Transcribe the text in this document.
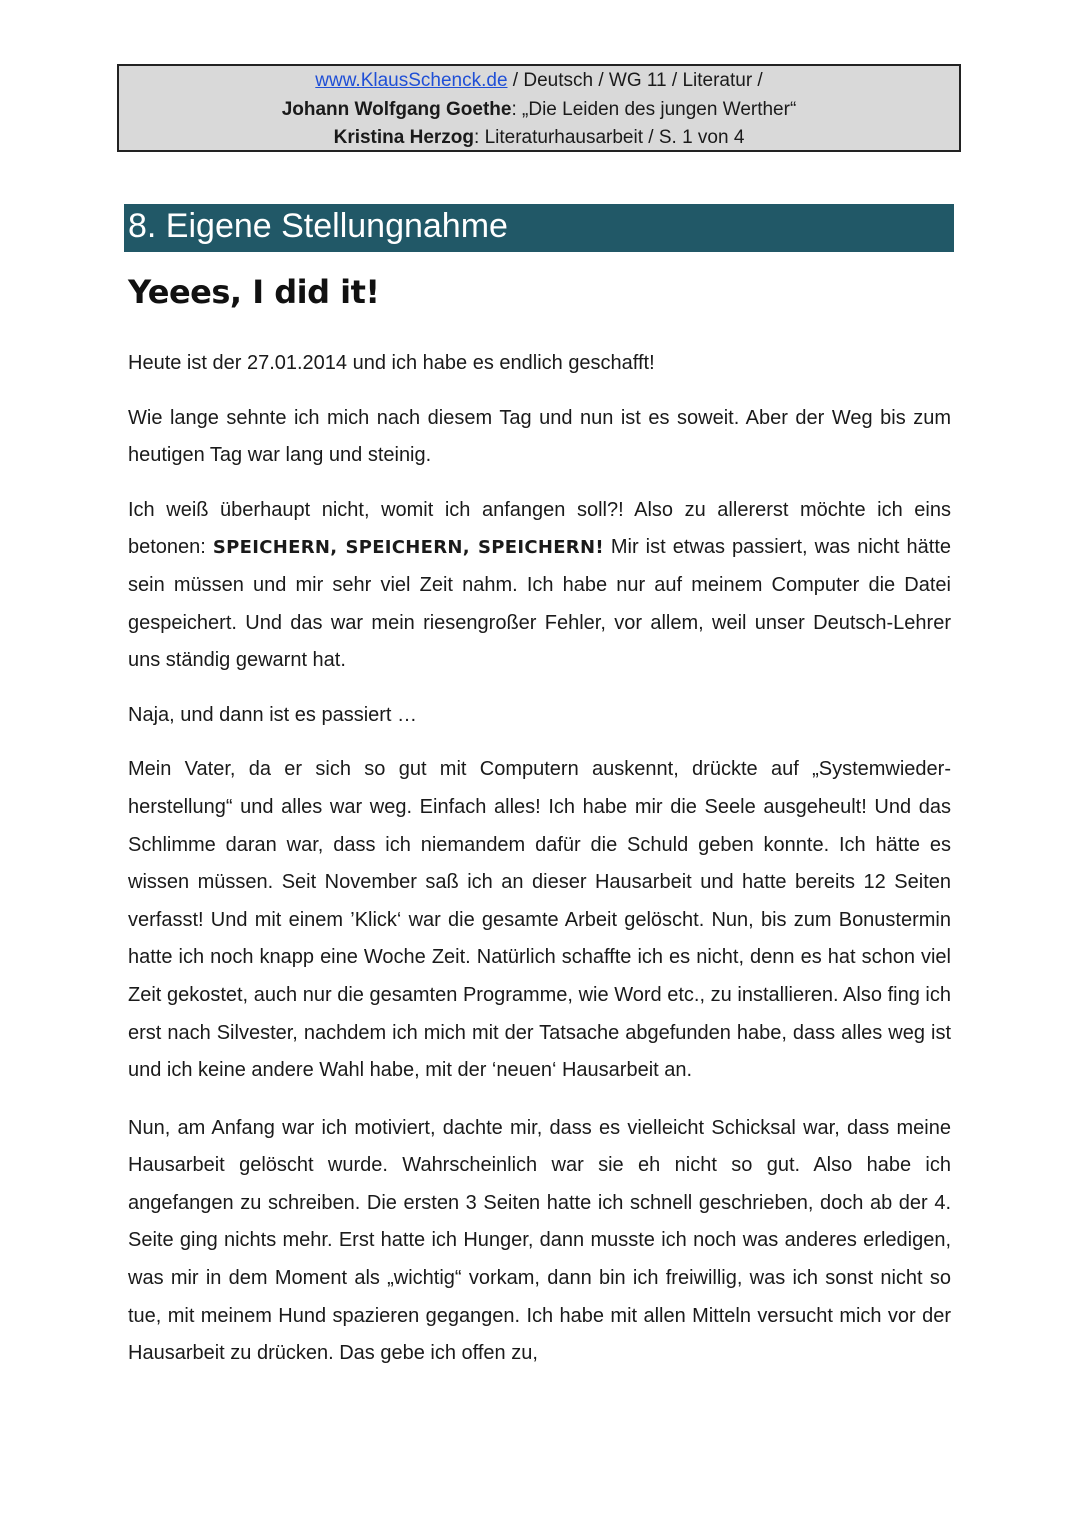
www.KlausSchenck.de / Deutsch / WG 11 / Literatur /
Johann Wolfgang Goethe: „Die Leiden des jungen Werther“
Kristina Herzog: Literaturhausarbeit / S. 1 von 4
8. Eigene Stellungnahme
Yeees, I did it!

Heute ist der 27.01.2014 und ich habe es endlich geschafft!

Wie lange sehnte ich mich nach diesem Tag und nun ist es soweit. Aber der Weg bis zum heutigen Tag war lang und steinig.

Ich weiß überhaupt nicht, womit ich anfangen soll?! Also zu allererst möchte ich eins betonen: SPEICHERN, SPEICHERN, SPEICHERN! Mir ist etwas passiert, was nicht hätte sein müssen und mir sehr viel Zeit nahm. Ich habe nur auf meinem Computer die Datei gespeichert. Und das war mein riesengroßer Fehler, vor allem, weil unser Deutsch-Lehrer uns ständig gewarnt hat.

Naja, und dann ist es passiert …

Mein Vater, da er sich so gut mit Computern auskennt, drückte auf „Systemwiederherstellung“ und alles war weg. Einfach alles! Ich habe mir die Seele ausgeheult! Und das Schlimme daran war, dass ich niemandem dafür die Schuld geben konnte. Ich hätte es wissen müssen. Seit November saß ich an dieser Hausarbeit und hatte bereits 12 Seiten verfasst! Und mit einem ’Klick‘ war die gesamte Arbeit gelöscht. Nun, bis zum Bonustermin hatte ich noch knapp eine Woche Zeit. Natürlich schaffte ich es nicht, denn es hat schon viel Zeit gekostet, auch nur die gesamten Programme, wie Word etc., zu installieren. Also fing ich erst nach Silvester, nachdem ich mich mit der Tatsache abgefunden habe, dass alles weg ist und ich keine andere Wahl habe, mit der ‘neuen‘ Hausarbeit an.

Nun, am Anfang war ich motiviert, dachte mir, dass es vielleicht Schicksal war, dass meine Hausarbeit gelöscht wurde. Wahrscheinlich war sie eh nicht so gut. Also habe ich angefangen zu schreiben. Die ersten 3 Seiten hatte ich schnell geschrieben, doch ab der 4. Seite ging nichts mehr. Erst hatte ich Hunger, dann musste ich noch was anderes erledigen, was mir in dem Moment als „wichtig“ vorkam, dann bin ich freiwillig, was ich sonst nicht so tue, mit meinem Hund spazieren gegangen. Ich habe mit allen Mitteln versucht mich vor der Hausarbeit zu drücken. Das gebe ich offen zu,
